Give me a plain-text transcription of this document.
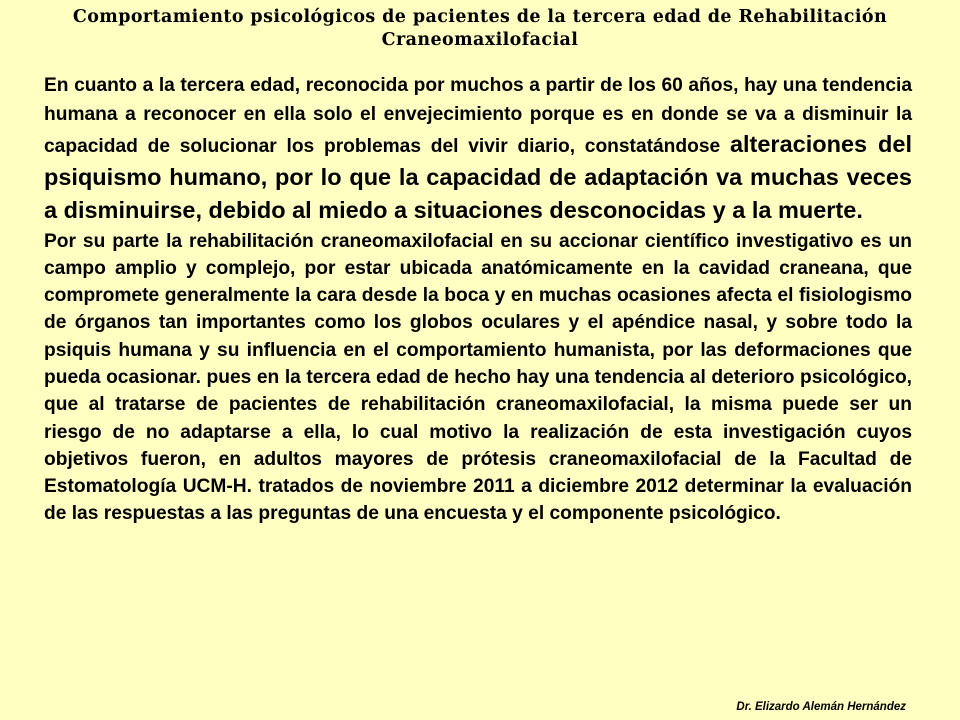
Comportamiento psicológicos de pacientes de la tercera edad de Rehabilitación Craneomaxilofacial

En cuanto a la tercera edad, reconocida por muchos a partir de los 60 años, hay una tendencia humana a reconocer en ella solo el envejecimiento porque es en donde se va a disminuir la capacidad de solucionar los problemas del vivir diario, constatándose alteraciones del psiquismo humano, por lo que la capacidad de adaptación va muchas veces a disminuirse, debido al miedo a situaciones desconocidas y a la muerte.

Por su parte la rehabilitación craneomaxilofacial en su accionar científico investigativo es un campo amplio y complejo, por estar ubicada anatómicamente en la cavidad craneana, que compromete generalmente la cara desde la boca y en muchas ocasiones afecta el fisiologismo de órganos tan importantes como los globos oculares y el apéndice nasal, y sobre todo la psiquis humana y su influencia en el comportamiento humanista, por las deformaciones que pueda ocasionar. pues en la tercera edad de hecho hay una tendencia al deterioro psicológico, que al tratarse de pacientes de rehabilitación craneomaxilofacial, la misma puede ser un riesgo de no adaptarse a ella, lo cual motivo la realización de esta investigación cuyos objetivos fueron, en adultos mayores de prótesis craneomaxilofacial de la Facultad de Estomatología UCM-H. tratados de noviembre 2011 a diciembre 2012 determinar la evaluación de las respuestas a las preguntas de una encuesta y el componente psicológico.

Dr. Elizardo Alemán Hernández
